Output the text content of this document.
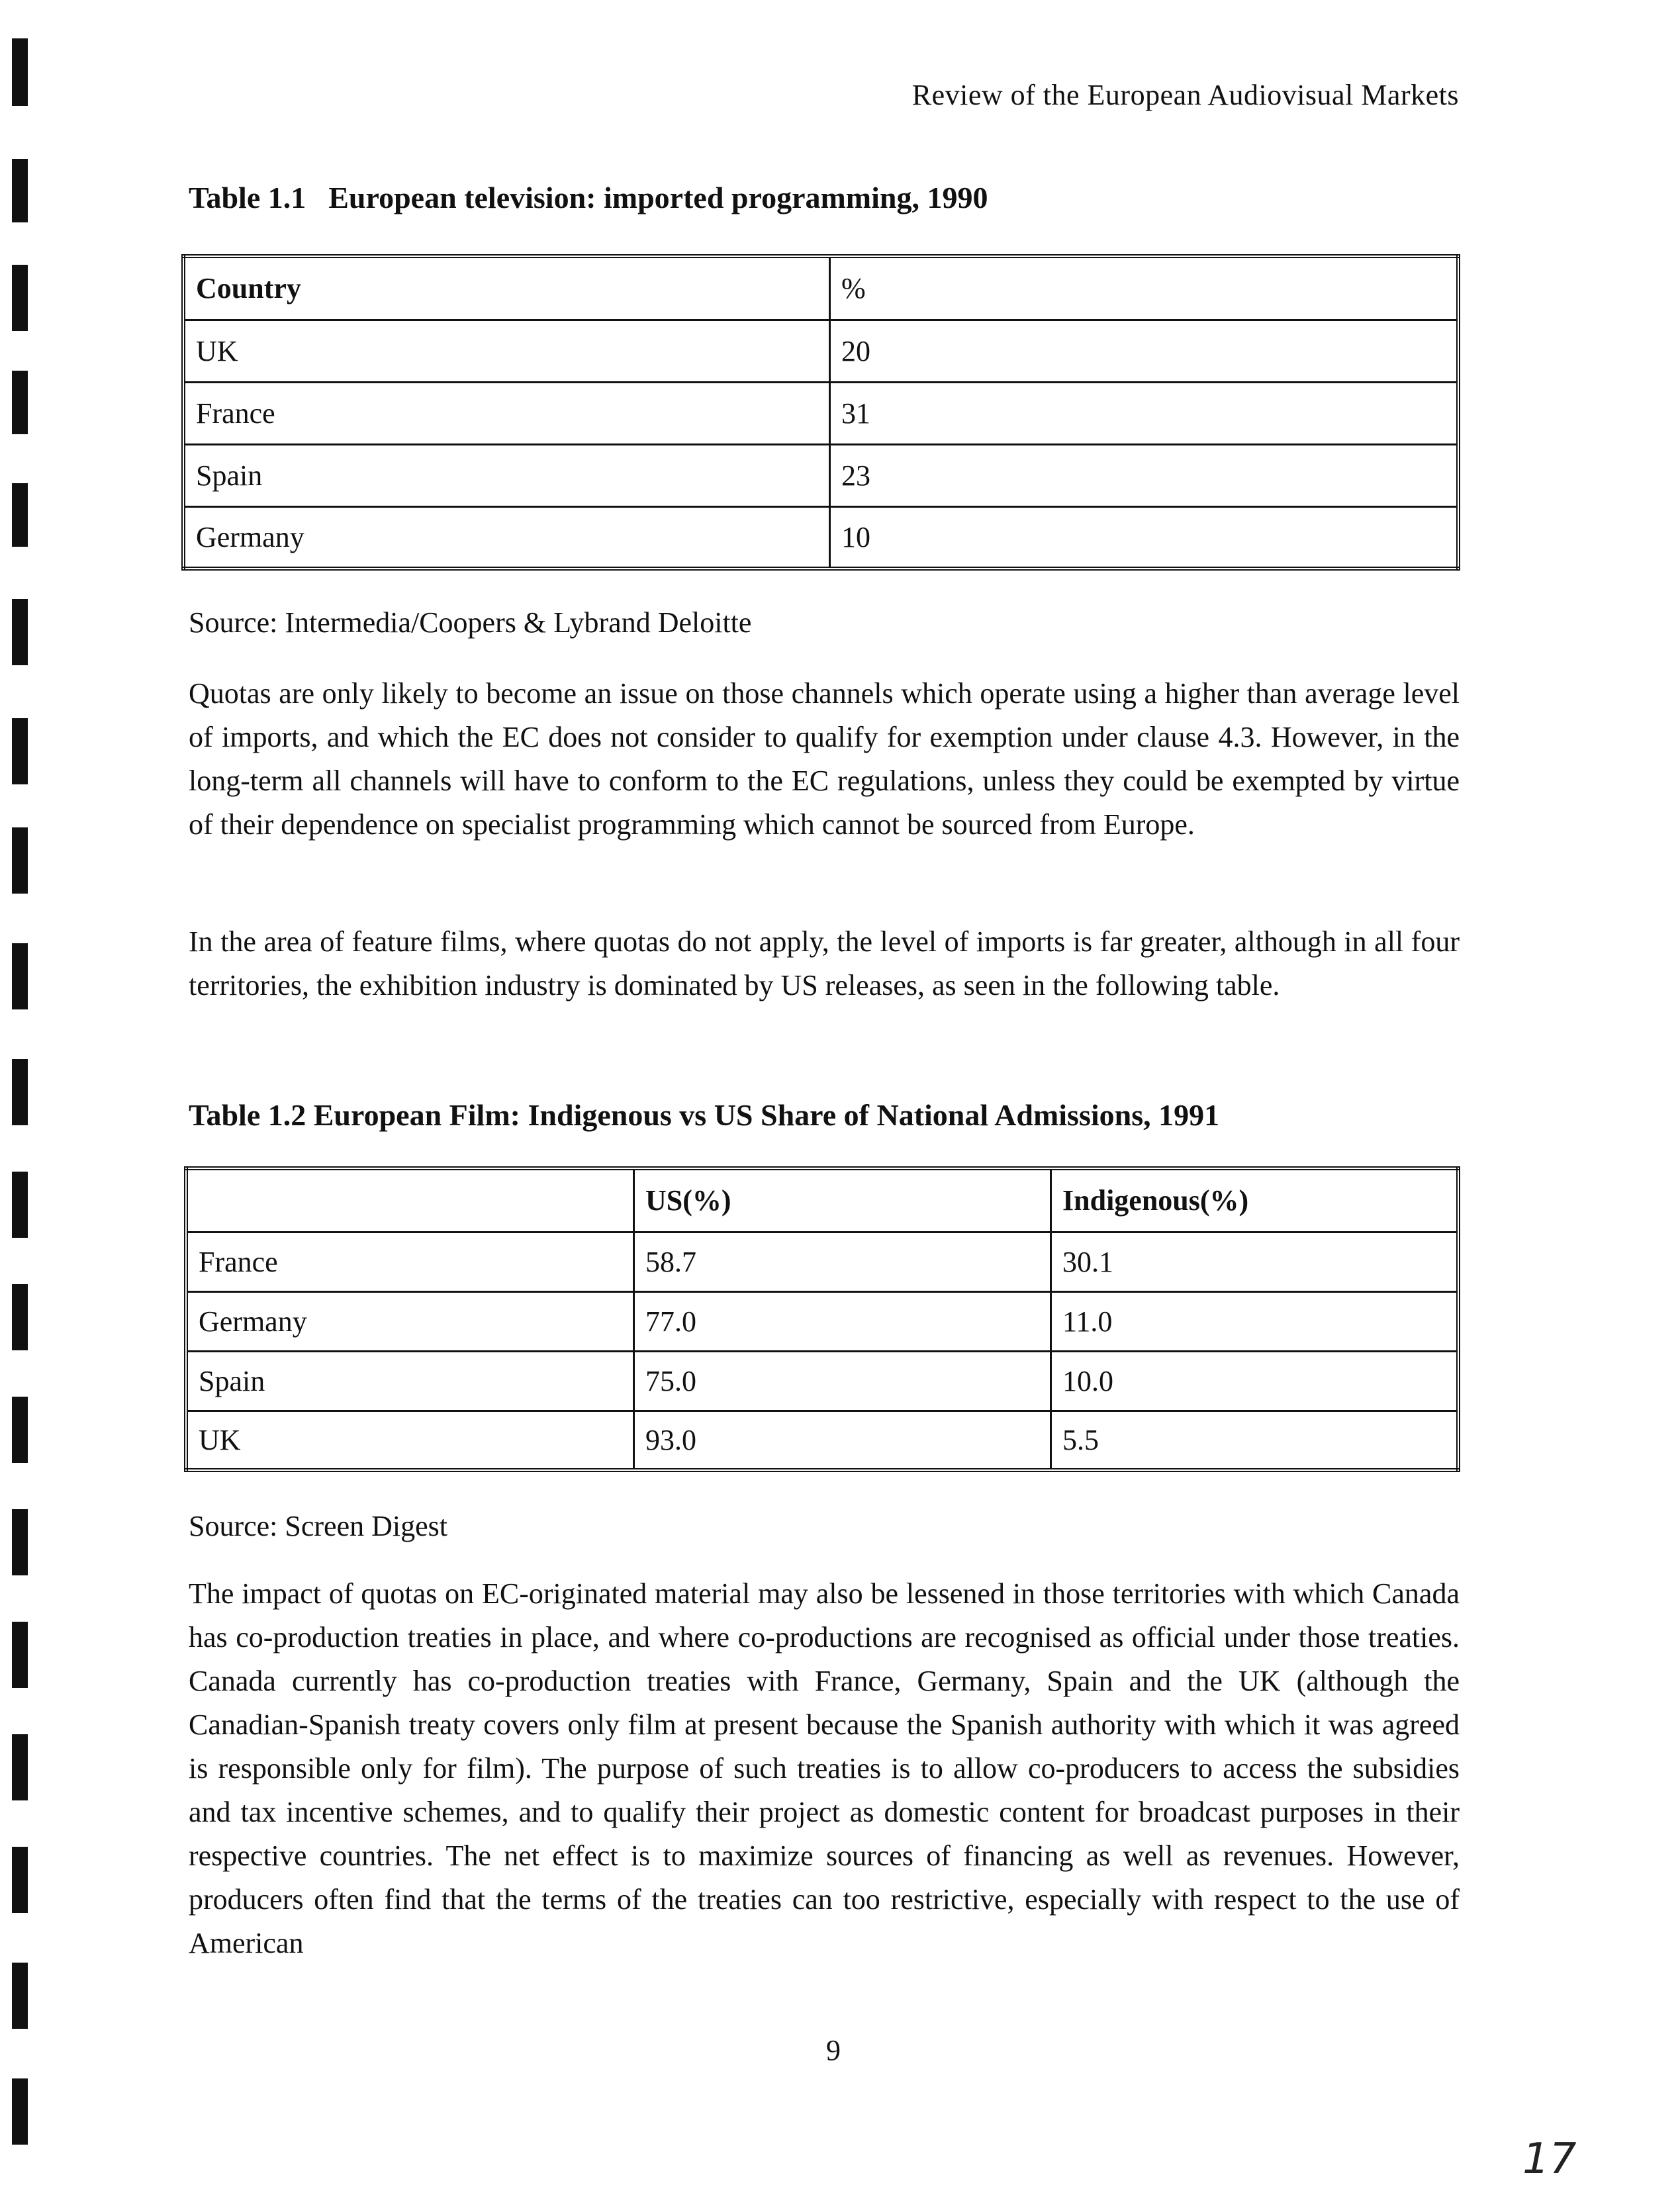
Review of the European Audiovisual Markets
Table 1.1 European television: imported programming, 1990
Country	%
UK	20
France	31
Spain	23
Germany	10
Source: Intermedia/Coopers & Lybrand Deloitte

Quotas are only likely to become an issue on those channels which operate using a higher than average level of imports, and which the EC does not consider to qualify for exemption under clause 4.3. However, in the long-term all channels will have to conform to the EC regulations, unless they could be exempted by virtue of their dependence on specialist programming which cannot be sourced from Europe.

In the area of feature films, where quotas do not apply, the level of imports is far greater, although in all four territories, the exhibition industry is dominated by US releases, as seen in the following table.

Table 1.2 European Film: Indigenous vs US Share of National Admissions, 1991
	US(%)	Indigenous(%)
France	58.7	30.1
Germany	77.0	11.0
Spain	75.0	10.0
UK	93.0	5.5
Source: Screen Digest

The impact of quotas on EC-originated material may also be lessened in those territories with which Canada has co-production treaties in place, and where co-productions are recognised as official under those treaties. Canada currently has co-production treaties with France, Germany, Spain and the UK (although the Canadian-Spanish treaty covers only film at present because the Spanish authority with which it was agreed is responsible only for film). The purpose of such treaties is to allow co-producers to access the subsidies and tax incentive schemes, and to qualify their project as domestic content for broadcast purposes in their respective countries. The net effect is to maximize sources of financing as well as revenues. However, producers often find that the terms of the treaties can too restrictive, especially with respect to the use of American

9
17
